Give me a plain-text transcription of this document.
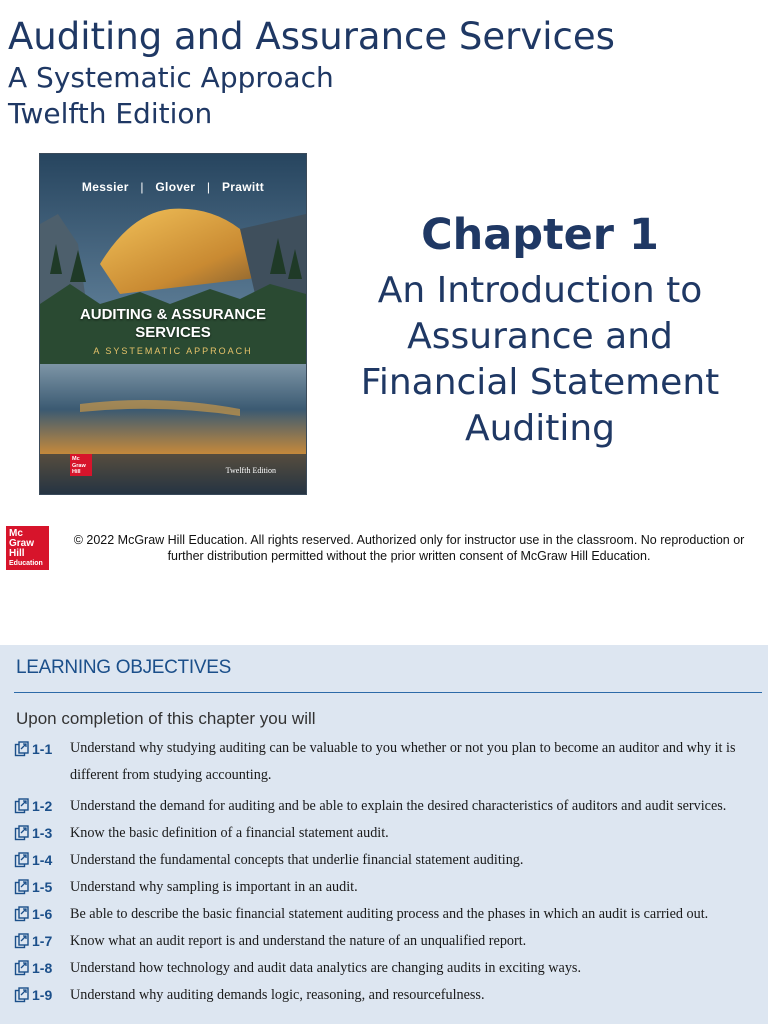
Auditing and Assurance Services
A Systematic Approach
Twelfth Edition
Messier | Glover | Prawitt
AUDITING & ASSURANCE
SERVICES
A SYSTEMATIC APPROACH
Mc Graw Hill	Twelfth Edition
Chapter 1
An Introduction to Assurance and Financial Statement Auditing
Mc
Graw
Hill
Education
© 2022 McGraw Hill Education. All rights reserved. Authorized only for instructor use in the classroom. No reproduction or further distribution permitted without the prior written consent of McGraw Hill Education.
LEARNING OBJECTIVES
Upon completion of this chapter you will
1-1 Understand why studying auditing can be valuable to you whether or not you plan to become an auditor and why it is different from studying accounting.
1-2 Understand the demand for auditing and be able to explain the desired characteristics of auditors and audit services.
1-3 Know the basic definition of a financial statement audit.
1-4 Understand the fundamental concepts that underlie financial statement auditing.
1-5 Understand why sampling is important in an audit.
1-6 Be able to describe the basic financial statement auditing process and the phases in which an audit is carried out.
1-7 Know what an audit report is and understand the nature of an unqualified report.
1-8 Understand how technology and audit data analytics are changing audits in exciting ways.
1-9 Understand why auditing demands logic, reasoning, and resourcefulness.
